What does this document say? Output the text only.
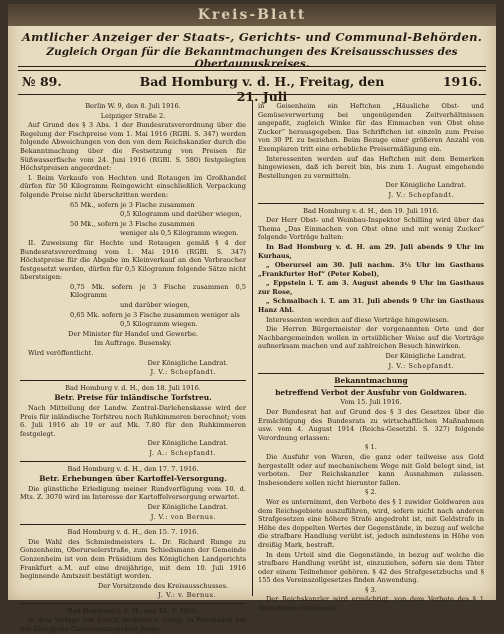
Kreis-Blatt
Amtlicher Anzeiger der Staats-, Gerichts- und Communal-Behörden.
Zugleich Organ für die Bekanntmachungen des Kreisausschusses des Obertaunuskreises.
№ 89.	Bad Homburg v. d. H., Freitag, den 21. Juli
1916.

Berlin W. 9, den 8. Juli 1916.

Leipziger Straße 2.

Auf Grund des § 3 Abs. 1 der Bundesratsverordnung über die Regelung der Fischpreise vom 1. Mai 1916 (RGBl. S. 347) werden folgende Abweichungen von den von dem Reichskanzler durch die Bekanntmachung über die Festsetzung von Preisen für Süßwasserfische vom 24. Juni 1916 (RGBl. S. 580) festgelegten Höchstpreisen angeordnet:

I. Beim Verkaufe von Hechten und Rotaugen im Großhandel dürfen für 50 Kilogramm Reingewicht einschließlich Verpackung folgende Preise nicht überschritten werden:

65 Mk., sofern je 3 Fische zusammen

0,5 Kilogramm und darüber wiegen,

50 Mk., sofern je 3 Fische zusammen

weniger als 0,5 Kilogramm wiegen.

II. Zuweisung für Hechte und Rotaugen gemäß § 4 der Bundesratsverordnung vom 1. Mai 1916 (RGBl. S. 347) Höchstpreise für die Abgabe im Kleinverkauf an den Verbraucher festgesetzt werden, dürfen für 0,5 Kilogramm folgende Sätze nicht übersteigen:

0,75 Mk. sofern je 3 Fische zusammen 0,5 Kilogramm

und darüber wiegen,

0,65 Mk. sofern je 3 Fische zusammen weniger als

0,5 Kilogramm wiegen.

Der Minister für Handel und Gewerbe.

Im Auftrage. Busensky.

Wird veröffentlicht.

Der Königliche Landrat.

J. V.: Schepfandt.

Bad Homburg v. d. H., den 18. Juli 1916.

Betr. Preise für inländische Torfstreu.

Nach Mitteilung der Landw. Zentral-Darlehenskasse wird der Preis für inländische Torfstreu noch Ruhkimmeren berechnet; vom 6. Juli 1916 ab 19 er auf Mk. 7.80 für den Ruhkimmeren festgelegt.

Der Königliche Landrat.

J. A.: Schepfandt.

Bad Homburg v. d. H., den 17. 7. 1916.

Betr. Erhebungen über Kartoffel-Versorgung.

Die günstliche Erledigung meiner Rundverfügung vom 10. d. Mts. Z. 3070 wird im Interesse der Kartoffelversorgung erwartet.

Der Königliche Landrat.

J. V.: von Bernus.

Bad Homburg v. d. H., den 15. 7. 1916.

Die Wahl des Schmiedmeisters L. Dr. Richard Runge zu Gonzenheim, Oberurselerstraße, zum Schiedsmann der Gemeinde Gonzenheim ist von dem Präsidium des Königlichen Landgerichts Frankfurt a.M. auf eine dreijährige, mit dem 10. Juli 1916 beginnende Amtszeit bestätigt worden.

Der Vorsitzende des Kreisausschusses.

J. V.: v. Bernus.

Bad Homburg v. d. H., den 15. 7. 1916.

In dem Verlage von Rudolf Bechtold u. Comp. in Wiesbaden hat der Königliche Gartenbauinspektor Junge

in Geisenheim ein Heftchen „Häusliche Obst- und Gemüseverwertung bei ungenügenden Zeitverhältnissen angepaßt, zugleich Winke für das Einmachen von Obst ohne Zucker“ herausgegeben. Das Schriftchen ist einzeln zum Preise von 30 Pf. zu beziehen. Beim Bezuge einer größeren Anzahl von Exemplaren tritt eine erhebliche Preisermäßigung ein.

Interessenten werden auf das Heftchen mit dem Bemerken hingewiesen, daß ich bereit bin, bis zum 1. August eingehende Bestellungen zu vermitteln.

Der Königliche Landrat.

J. V.: Schepfandt.

Bad Homburg v. d. H., den 19. Juli 1916.

Der Herr Obst- und Weinbau-Inspektor Schilling wird über das Thema „Das Einmachen von Obst ohne und mit wenig Zucker“ folgende Vorträge halten:

In Bad Homburg v. d. H. am 29. Juli abends 9 Uhr im Kurhaus,

„ Oberursel am 30. Juli nachm. 3½ Uhr im Gasthaus „Frankfurter Hof“ (Peter Kobel),

„ Eppstein i. T. am 3. August abends 9 Uhr im Gasthaus zur Rose,

„ Schmalbach i. T. am 31. Juli abends 9 Uhr im Gasthaus Hanz Ahl.

Interessenten werden auf diese Vorträge hingewiesen.

Die Herren Bürgermeister der vorgenannten Orte und der Nachbargemeinden wollen in ortsüblicher Weise auf die Vorträge aufmerksam machen und auf zahlreichen Besuch hinwirken.

Der Königliche Landrat.

J. V.: Schepfandt.

Bekanntmachung

betreffend Verbot der Ausfuhr von Goldwaren.

Vom 15. Juli 1916.

Der Bundesrat hat auf Grund des § 3 des Gesetzes über die Ermächtigung des Bundesrats zu wirtschaftlichen Maßnahmen usw. vom 4. August 1914 (Reichs-Gesetzbl. S. 327) folgende Verordnung erlassen:

§ 1.

Die Ausfuhr von Waren, die ganz oder teilweise aus Gold hergestellt oder auf mechanischem Wege mit Gold belegt sind, ist verboten. Der Reichskanzler kann Ausnahmen zulassen. Insbesondere sollen nicht hierunter fallen.

§ 2.

Wer es unternimmt, den Verbote des § 1 zuwider Goldwaren aus dem Reichsgebiete auszuführen, wird, sofern nicht nach anderen Strafgesetzen eine höhere Strafe angedroht ist, mit Geldstrafe in Höhe des doppelten Wertes der Gegenstände, in bezug auf welche die strafbare Handlung verübt ist, jedoch mindestens in Höhe von dreißig Mark, bestraft.

In dem Urteil sind die Gegenstände, in bezug auf welche die strafbare Handlung verübt ist, einzuziehen, sofern sie dem Täter oder einem Teilnehmer gehören. § 42 des Strafgesetzbuchs und § 155 des Vereinszollgesetzes finden Anwendung.

§ 3.

Der Reichskanzler wird ermächtigt, von dem Verbote des § 1 Ausnahmen zuzulassen.
